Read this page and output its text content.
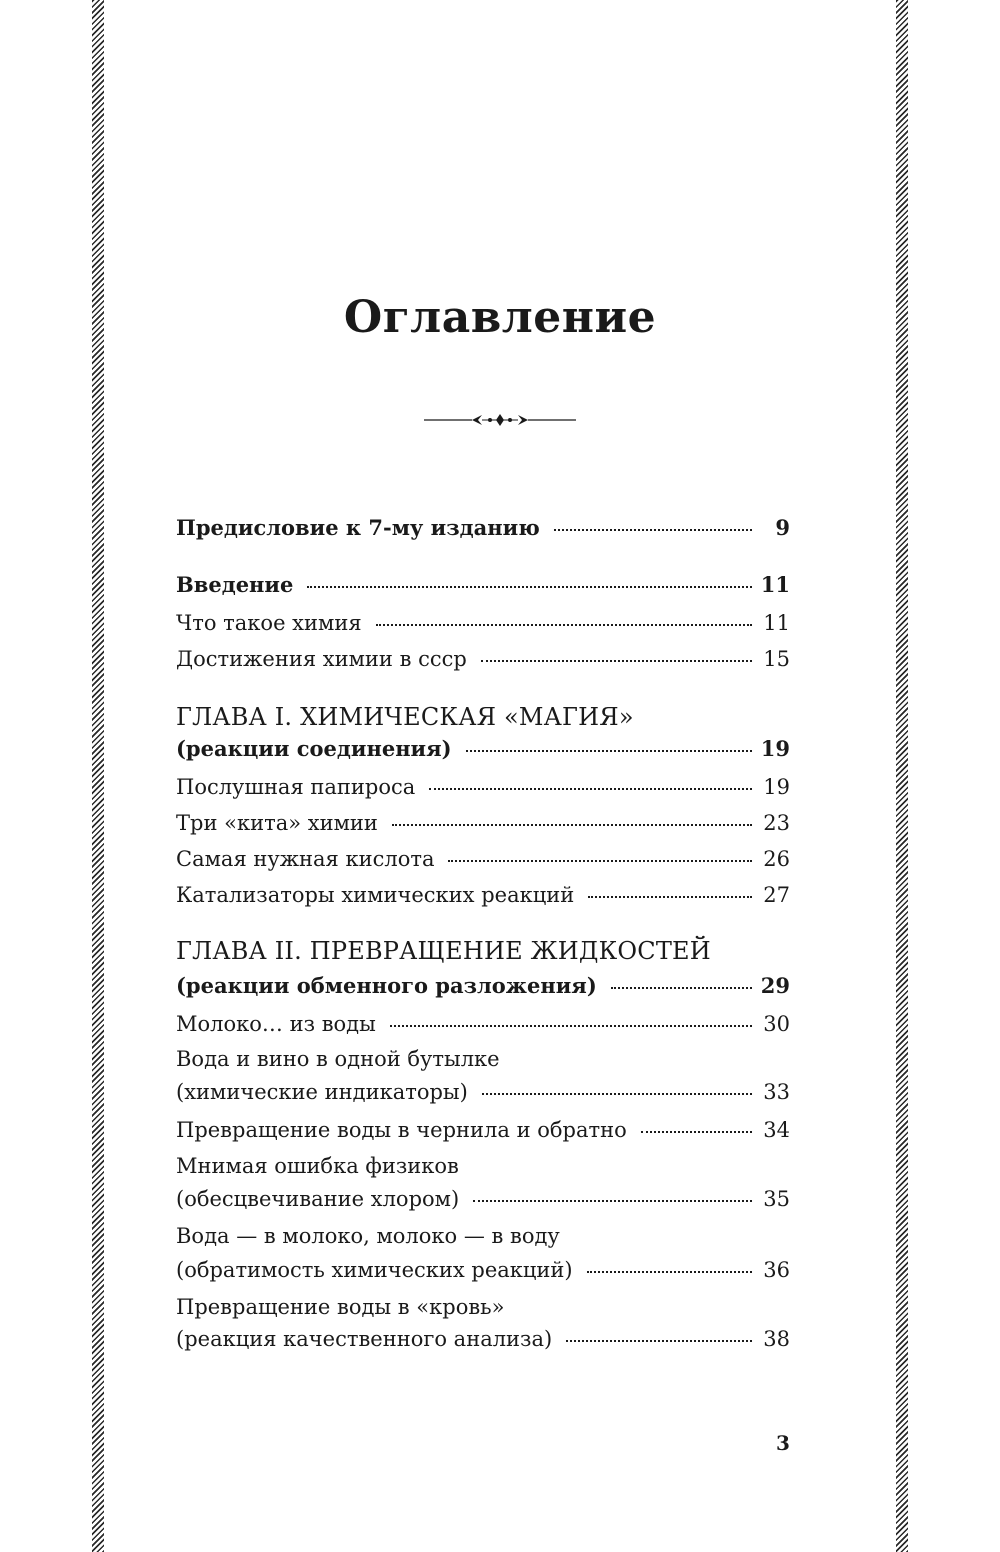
Оглавление
Предисловие к 7-му изданию	9
Введение	11
Что такое химия	11
Достижения химии в ссср	15
ГЛАВА I. ХИМИЧЕСКАЯ «МАГИЯ»
(реакции соединения)	19
Послушная папироса	19
Три «кита» химии	23
Самая нужная кислота	26
Катализаторы химических реакций	27
ГЛАВА II. ПРЕВРАЩЕНИЕ ЖИДКОСТЕЙ
(реакции обменного разложения)	29
Молоко… из воды	30
Вода и вино в одной бутылке
(химические индикаторы)	33
Превращение воды в чернила и обратно	34
Мнимая ошибка физиков
(обесцвечивание хлором)	35
Вода — в молоко, молоко — в воду
(обратимость химических реакций)	36
Превращение воды в «кровь»
(реакция качественного анализа)	38
3
